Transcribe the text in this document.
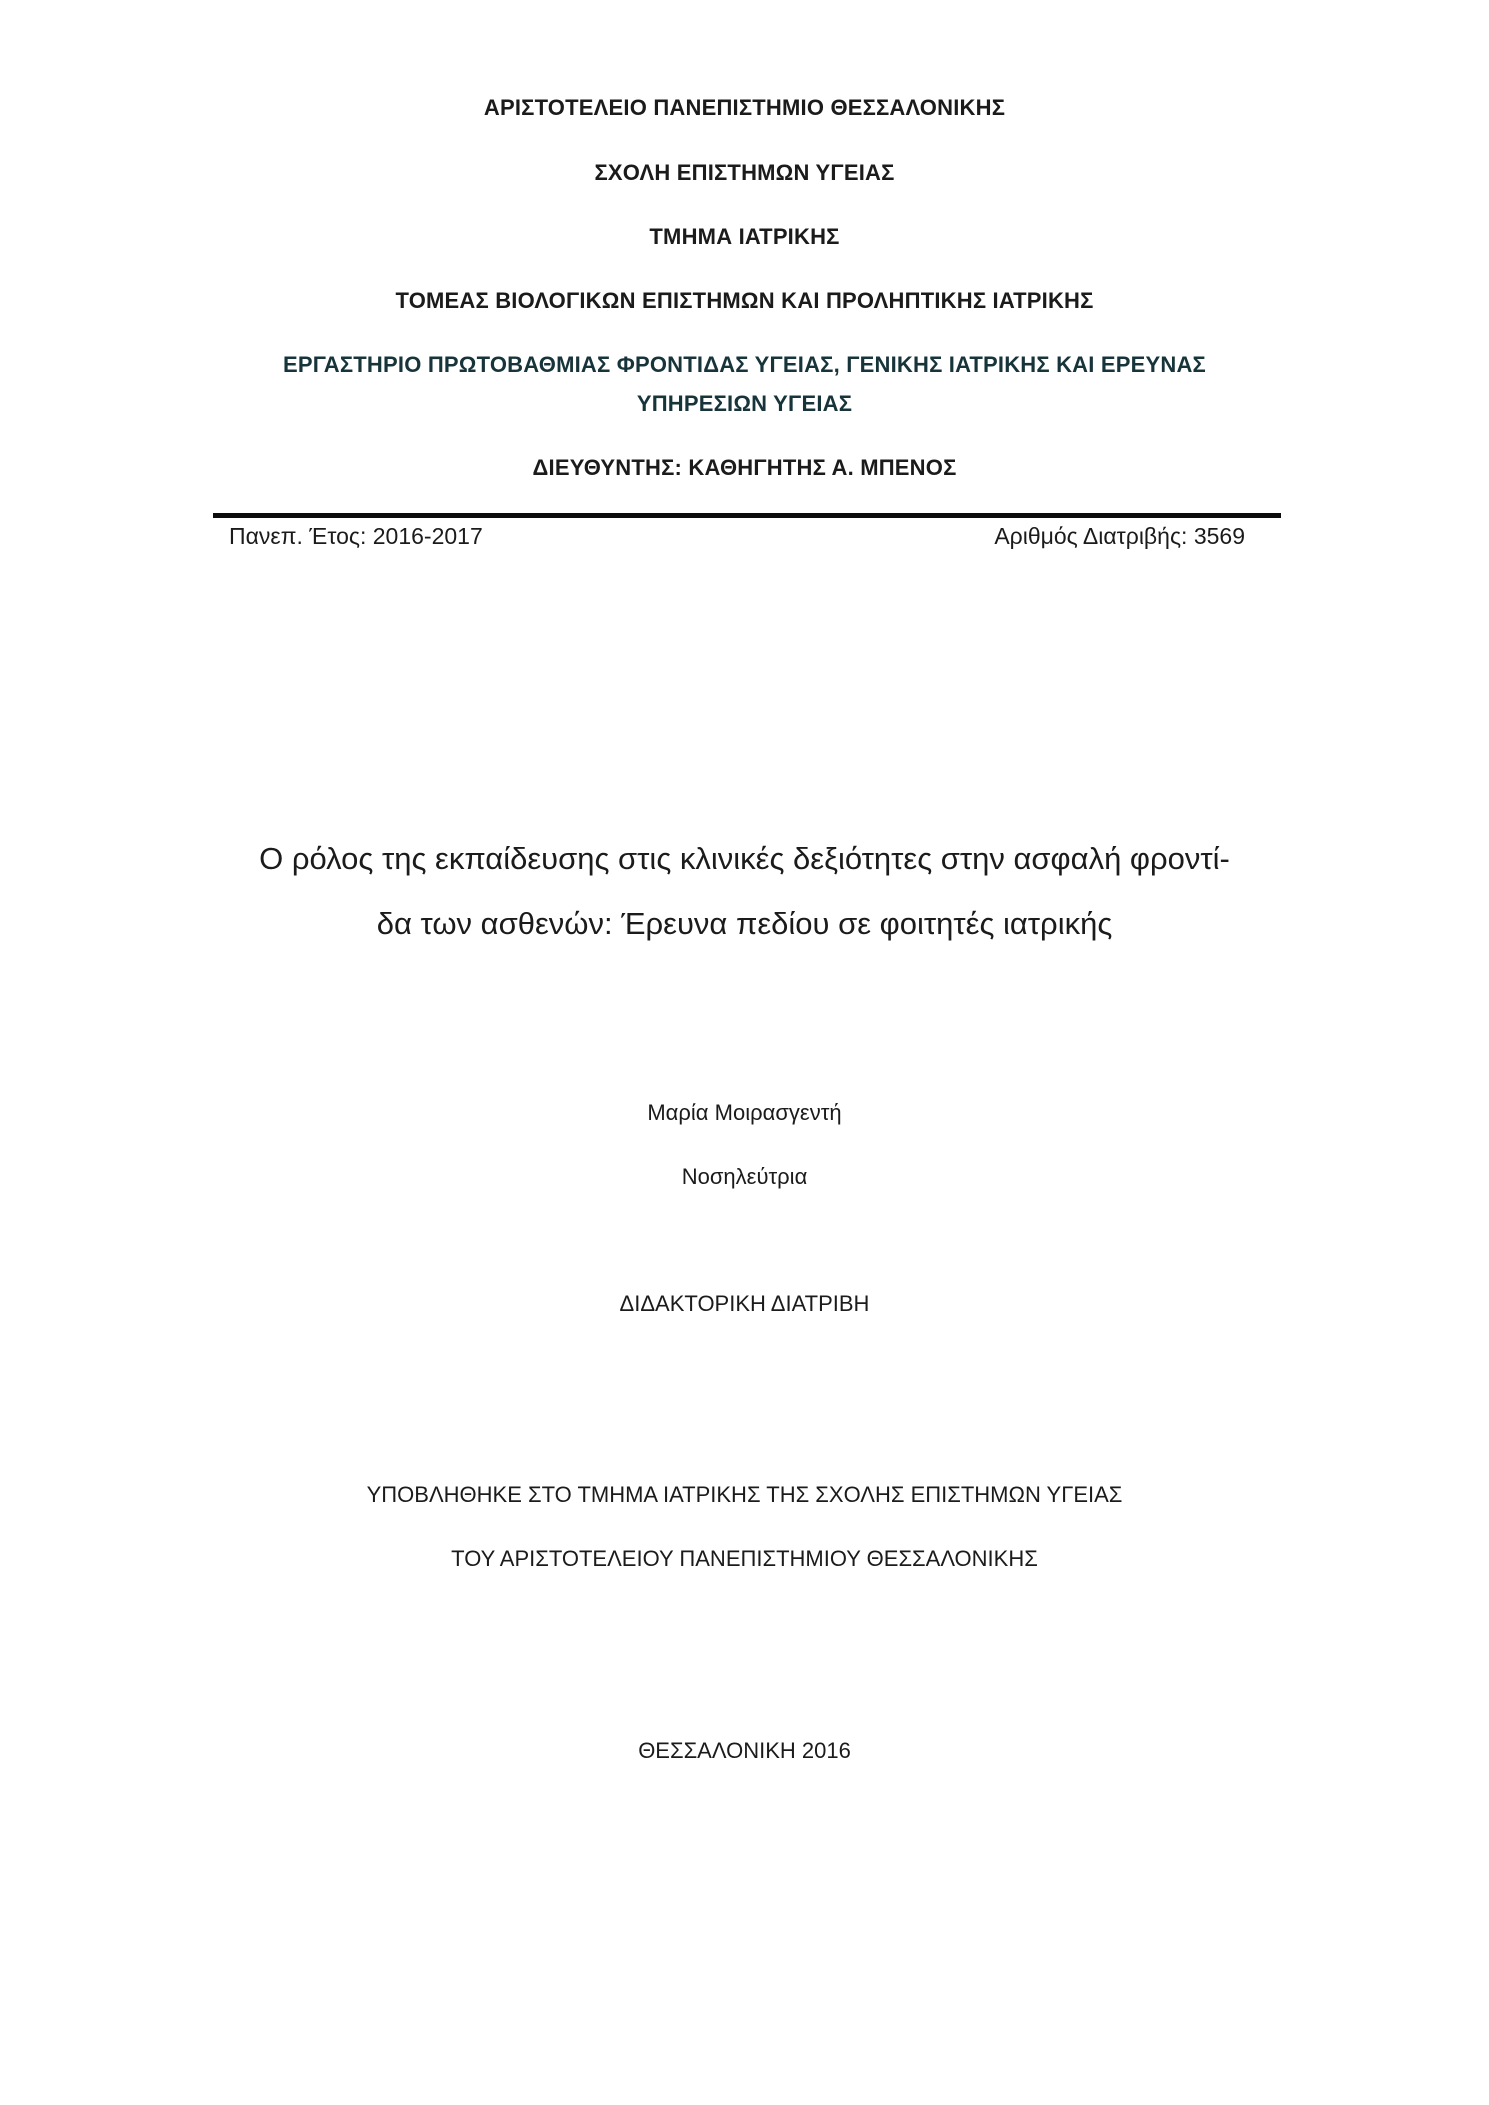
ΑΡΙΣΤΟΤΕΛΕΙΟ ΠΑΝΕΠΙΣΤΗΜΙΟ ΘΕΣΣΑΛΟΝΙΚΗΣ
ΣΧΟΛΗ ΕΠΙΣΤΗΜΩΝ ΥΓΕΙΑΣ
ΤΜΗΜΑ ΙΑΤΡΙΚΗΣ
ΤΟΜΕΑΣ ΒΙΟΛΟΓΙΚΩΝ ΕΠΙΣΤΗΜΩΝ ΚΑΙ ΠΡΟΛΗΠΤΙΚΗΣ ΙΑΤΡΙΚΗΣ
ΕΡΓΑΣΤΗΡΙΟ ΠΡΩΤΟΒΑΘΜΙΑΣ ΦΡΟΝΤΙΔΑΣ ΥΓΕΙΑΣ, ΓΕΝΙΚΗΣ ΙΑΤΡΙΚΗΣ ΚΑΙ ΕΡΕΥΝΑΣ
ΥΠΗΡΕΣΙΩΝ ΥΓΕΙΑΣ
ΔΙΕΥΘΥΝΤΗΣ: ΚΑΘΗΓΗΤΗΣ Α. ΜΠΕΝΟΣ
Πανεπ. Έτος: 2016-2017	Αριθμός Διατριβής: 3569
Ο ρόλος της εκπαίδευσης στις κλινικές δεξιότητες στην ασφαλή φροντί-
δα των ασθενών: Έρευνα πεδίου σε φοιτητές ιατρικής
Μαρία Μοιρασγεντή
Νοσηλεύτρια
ΔΙΔΑΚΤΟΡΙΚΗ ΔΙΑΤΡΙΒΗ
ΥΠΟΒΛΗΘΗΚΕ ΣΤΟ ΤΜΗΜΑ ΙΑΤΡΙΚΗΣ ΤΗΣ ΣΧΟΛΗΣ ΕΠΙΣΤΗΜΩΝ ΥΓΕΙΑΣ
ΤΟΥ ΑΡΙΣΤΟΤΕΛΕΙΟΥ ΠΑΝΕΠΙΣΤΗΜΙΟΥ ΘΕΣΣΑΛΟΝΙΚΗΣ
ΘΕΣΣΑΛΟΝΙΚΗ 2016
